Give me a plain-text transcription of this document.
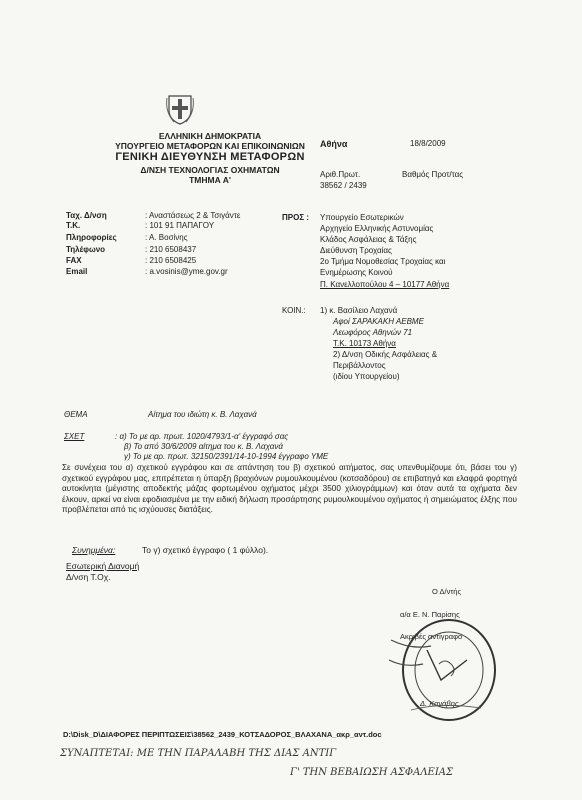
ΕΛΛΗΝΙΚΗ ΔΗΜΟΚΡΑΤΙΑ
ΥΠΟΥΡΓΕΙΟ ΜΕΤΑΦΟΡΩΝ ΚΑΙ ΕΠΙΚΟΙΝΩΝΙΩΝ
ΓΕΝΙΚΗ ΔΙΕΥΘΥΝΣΗ ΜΕΤΑΦΟΡΩΝ
Δ/ΝΣΗ ΤΕΧΝΟΛΟΓΙΑΣ ΟΧΗΜΑΤΩΝ
ΤΜΗΜΑ Α'
Αθήνα	18/8/2009
Αριθ.Πρωτ.	Βαθμός Προτ/τας
38562 / 2439
Ταχ. Δ/νση	: Αναστάσεως 2 & Τσιγάντε
Τ.Κ.	: 101 91 ΠΑΠΑΓΟΥ
Πληροφορίες	: Α. Βοσίνης
Τηλέφωνο	: 210 6508437
FAX	: 210 6508425
Email	: a.vosinis@yme.gov.gr
ΠΡΟΣ : Υπουργείο Εσωτερικών
Αρχηγείο Ελληνικής Αστυνομίας
Κλάδος Ασφάλειας & Τάξης
Διεύθυνση Τροχαίας
2ο Τμήμα Νομοθεσίας Τροχαίας και
Ενημέρωσης Κοινού
Π. Κανελλοπούλου 4 – 10177 Αθήνα
ΚΟΙΝ.: 1) κ. Βασίλειο Λαχανά
Αφοί ΣΑΡΑΚΑΚΗ ΑΕΒΜΕ
Λεωφόρος Αθηνών 71
Τ.Κ. 10173 Αθήνα
2) Δ/νση Οδικής Ασφάλειας &
Περιβάλλοντος
(ιδίου Υπουργείου)
ΘΕΜΑ	Αίτημα του ιδιώτη κ. Β. Λαχανά
ΣΧΕΤ	: α) Το με αρ. πρωτ. 1020/4793/1-α' έγγραφό σας
β) Το από 30/6/2009 αίτημα του κ. Β. Λαχανά
γ) Το με αρ. πρωτ. 32150/2391/14-10-1994 έγγραφο ΥΜΕ
Σε συνέχεια του α) σχετικού εγγράφου και σε απάντηση του β) σχετικού αιτήματος, σας υπενθυμίζουμε ότι, βάσει του γ) σχετικού εγγράφου μας, επιτρέπεται η ύπαρξη βραχιόνων ρυμουλκουμένου (κοτσαδόρου) σε επιβατηγά και ελαφρά φορτηγά αυτοκίνητα (μέγιστης αποδεκτής μάζας φορτωμένου οχήματος μέχρι 3500 χιλιογράμμων) και όταν αυτά τα οχήματα δεν έλκουν, αρκεί να είναι εφοδιασμένα με την ειδική δήλωση προσάρτησης ρυμουλκουμένου οχήματος ή σημειώματος έλξης που προβλέπεται από τις ισχύουσες διατάξεις.
Συνημμένα:	Το γ) σχετικό έγγραφο ( 1 φύλλο).
Εσωτερική Διανομή
Δ/νση Τ.Οχ.
Ο Δ/ντής
α/α Ε. Ν. Παρίσης
Ακριβές αντίγραφο
Δ. Κανάβης
D:\Disk_D\ΔΙΑΦΟΡΕΣ ΠΕΡΙΠΤΩΣΕΙΣ\38562_2439_ΚΟΤΣΑΔΟΡΟΣ_ΒΛΑΧΑΝΑ_ακρ_αντ.doc
ΣΥΝΑΠΤΕΤΑΙ: ΜΕ ΤΗΝ ΠΑΡΑΛΑΒΗ ΤΗΣ ΔΙΑΣ ΑΝΤΙΓ
Γ' ΤΗΝ ΒΕΒΑΙΩΣΗ ΑΣΦΑΛΕΙΑΣ
